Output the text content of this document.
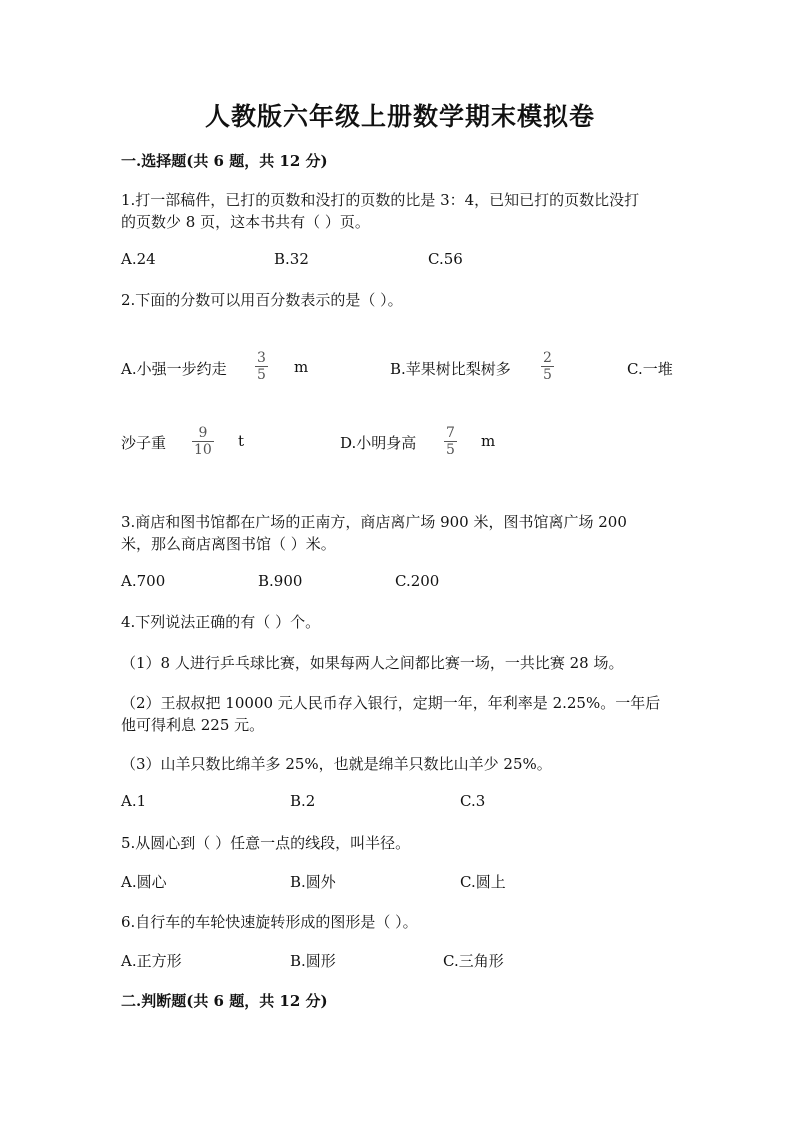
人教版六年级上册数学期末模拟卷
一.选择题(共 6 题，共 12 分)
1.打一部稿件，已打的页数和没打的页数的比是 3：4，已知已打的页数比没打
的页数少 8 页，这本书共有（ ）页。
A.24	B.32	C.56
2.下面的分数可以用百分数表示的是（ ）。
A.小强一步约走 $\frac{3}{5}$ m	B.苹果树比梨树多 $\frac{2}{5}$	C.一堆
沙子重 $\frac{9}{10}$ t	D.小明身高 $\frac{7}{5}$ m
3.商店和图书馆都在广场的正南方，商店离广场 900 米，图书馆离广场 200
米，那么商店离图书馆（ ）米。
A.700	B.900	C.200
4.下列说法正确的有（ ）个。
（1）8 人进行乒乓球比赛，如果每两人之间都比赛一场，一共比赛 28 场。
（2）王叔叔把 10000 元人民币存入银行，定期一年，年利率是 2.25%。一年后
他可得利息 225 元。
（3）山羊只数比绵羊多 25%，也就是绵羊只数比山羊少 25%。
A.1	B.2	C.3
5.从圆心到（ ）任意一点的线段，叫半径。
A.圆心	B.圆外	C.圆上
6.自行车的车轮快速旋转形成的图形是（ ）。
A.正方形	B.圆形	C.三角形
二.判断题(共 6 题，共 12 分)
